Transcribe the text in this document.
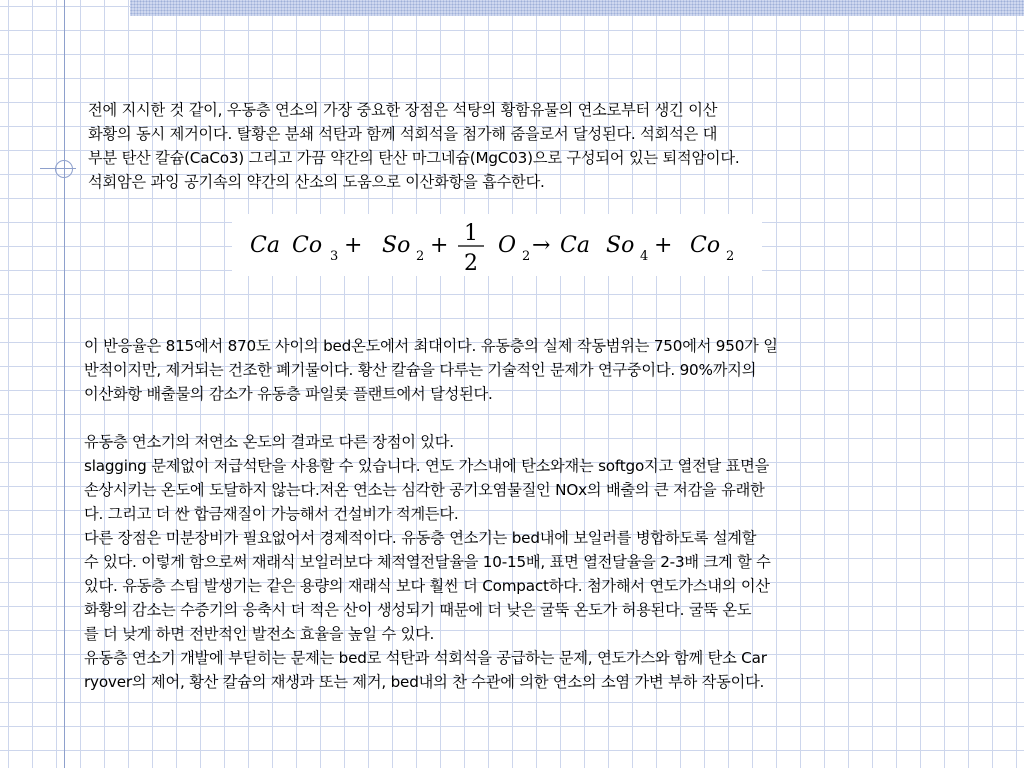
전에 지시한 것 같이, 우동층 연소의 가장 중요한 장점은 석탕의 황함유물의 연소로부터 생긴 이산
화황의 동시 제거이다. 탈황은 분쇄 석탄과 함께 석회석을 첨가해 줌을로서 달성된다. 석회석은 대
부분 탄산 칼슘(CaCo3) 그리고 가끔 약간의 탄산 마그네슘(MgC03)으로 구성되어 있는 퇴적암이다.
석회암은 과잉 공기속의 약간의 산소의 도움으로 이산화항을 흡수한다.
Ca Co 3 + So 2 + 1
2
O 2 → Ca So 4 + Co 2
이 반응율은 815에서 870도 사이의 bed온도에서 최대이다. 유동층의 실제 작동범위는 750에서 950가 일
반적이지만, 제거되는 건조한 폐기물이다. 황산 칼슘을 다루는 기술적인 문제가 연구중이다. 90%까지의
이산화항 배출물의 감소가 유동층 파일롯 플랜트에서 달성된다.
유동층 연소기의 저연소 온도의 결과로 다른 장점이 있다.
slagging 문제없이 저급석탄을 사용할 수 있습니다. 연도 가스내에 탄소와재는 softgo지고 열전달 표면을
손상시키는 온도에 도달하지 않는다.저온 연소는 심각한 공기오염물질인 NOx의 배출의 큰 저감을 유래한
다. 그리고 더 싼 합금재질이 가능해서 건설비가 적게든다.
다른 장점은 미분장비가 필요없어서 경제적이다. 유동층 연소기는 bed내에 보일러를 병합하도록 설계할
수 있다. 이렇게 함으로써 재래식 보일러보다 체적열전달율을 10-15배, 표면 열전달율을 2-3배 크게 할 수
있다. 유동층 스팀 발생기는 같은 용량의 재래식 보다 훨씬 더 Compact하다. 첨가해서 연도가스내의 이산
화황의 감소는 수증기의 응축시 더 적은 산이 생성되기 때문에 더 낮은 굴뚝 온도가 허용된다. 굴뚝 온도
를 더 낮게 하면 전반적인 발전소 효율을 높일 수 있다.
유동층 연소기 개발에 부딛히는 문제는 bed로 석탄과 석회석을 공급하는 문제, 연도가스와 함께 탄소 Car
ryover의 제어, 황산 칼슘의 재생과 또는 제거, bed내의 찬 수관에 의한 연소의 소염 가변 부하 작동이다.
